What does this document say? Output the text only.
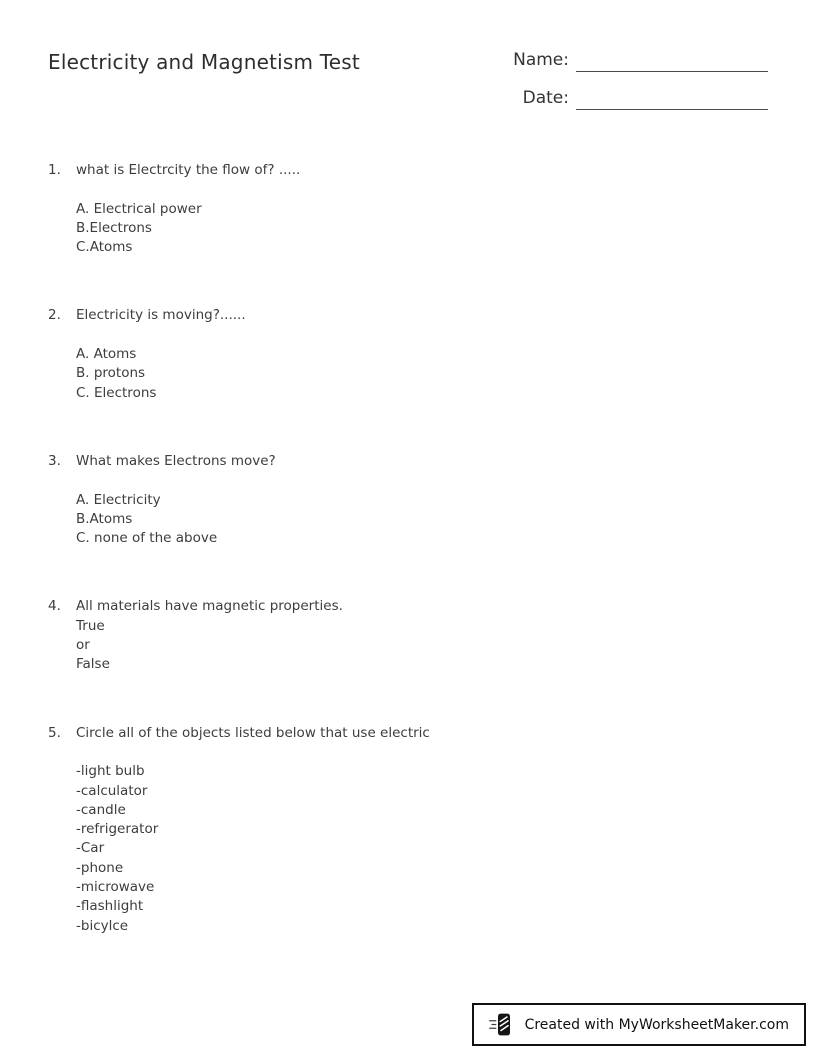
Electricity and Magnetism Test	Name:
Date:
1.	what is Electrcity the flow of? .....
A. Electrical power
B.Electrons
C.Atoms
2.	Electricity is moving?......
A. Atoms
B. protons
C. Electrons
3.	What makes Electrons move?
A. Electricity
B.Atoms
C. none of the above
4.	All materials have magnetic properties.
True
or
False
5.	Circle all of the objects listed below that use electric
-light bulb
-calculator
-candle
-refrigerator
-Car
-phone
-microwave
-flashlight
-bicylce
Created with MyWorksheetMaker.com
